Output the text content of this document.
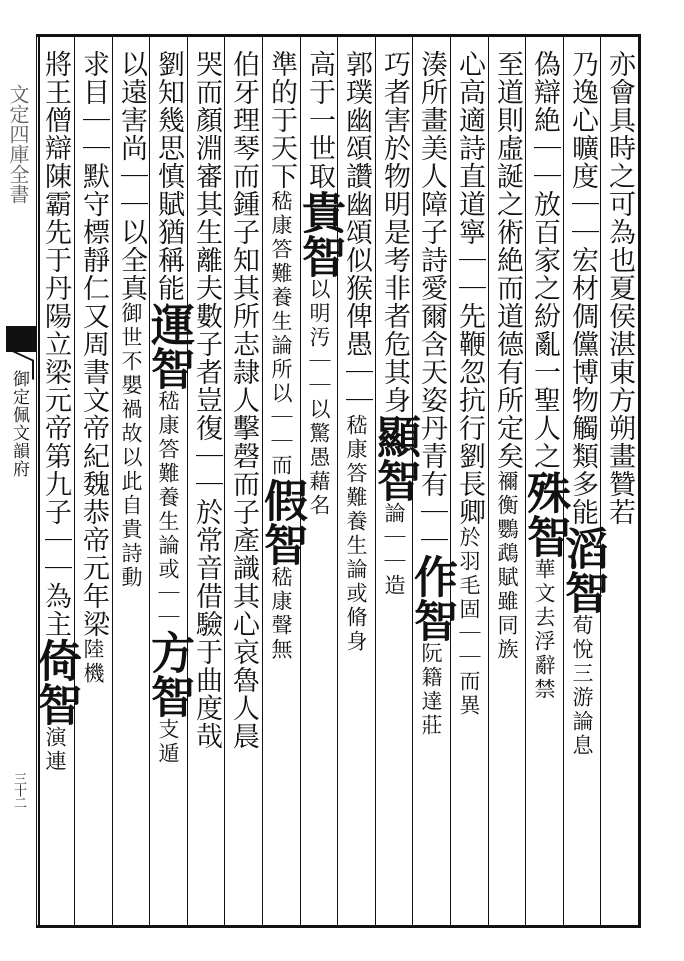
文定四庫全書
御定佩文韻府
三十二
亦會具時之可為也夏侯湛東方朔畫贊若
乃逸心曠度｜｜宏材倜儻博物觸類多能滔智荀悅三游論息
偽辯絶｜｜放百家之紛亂一聖人之殊智華文去浮辭禁
至道則虛誕之術絶而道德有所定矣禰衡鸚鵡賦雖同族
心高適詩直道寧｜｜先鞭忽抗行劉長卿於羽毛固｜｜而異
湊所畫美人障子詩愛爾含天姿丹青有｜｜作智阮籍達莊
巧者害於物明是考非者危其身顯智論｜｜造
郭璞幽頌讚幽頌似猴俾愚｜｜嵇康答難養生論或脩身
高于一世取貴智以明汚｜｜以驚愚藉名
準的于天下嵇康答難養生論所以｜｜而假智嵇康聲無
伯牙理琴而鍾子知其所志隷人擊磬而子產識其心哀魯人晨
哭而顏淵審其生離夫數子者豈復｜｜於常音借驗于曲度哉
劉知幾思慎賦猶稱能運智嵇康答難養生論或｜｜方智支遁
以遠害尚｜｜以全真御世不嬰禍故以此自貴詩動
求目｜｜默守標靜仁又周書文帝紀魏恭帝元年梁陸機
將王僧辯陳霸先于丹陽立梁元帝第九子｜｜為主倚智演連
